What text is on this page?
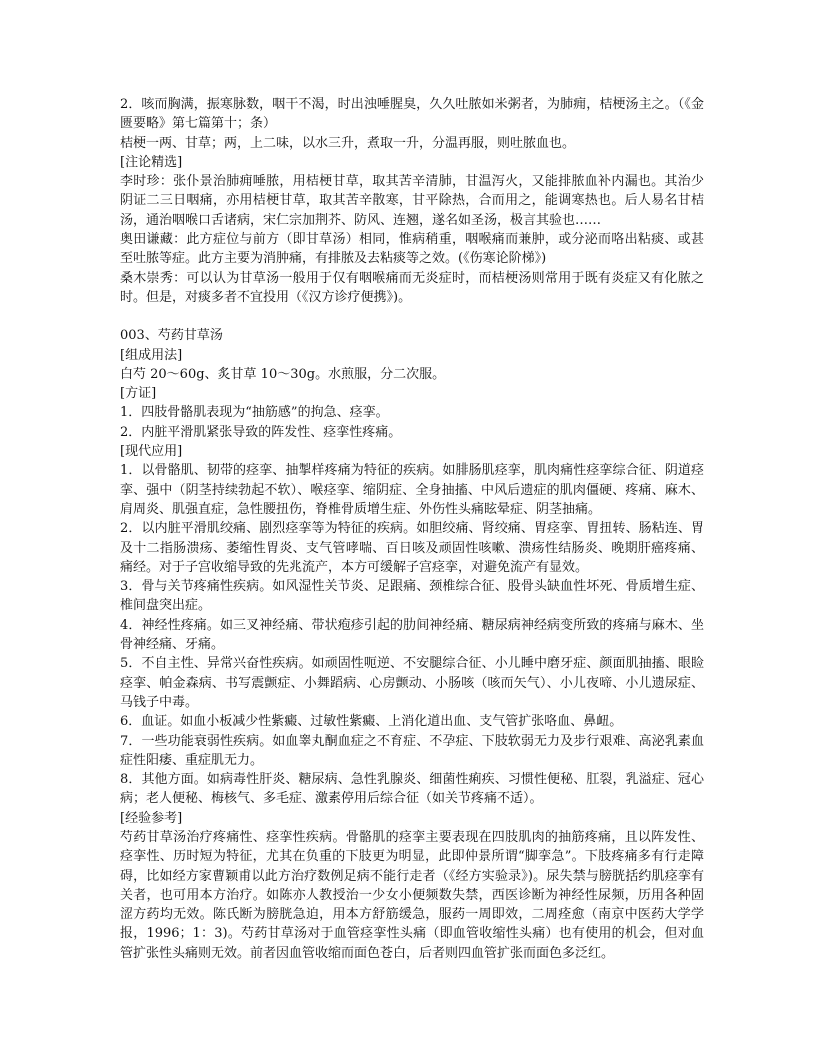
2．咳而胸满，振寒脉数，咽干不渴，时出浊唾腥臭，久久吐脓如米粥者，为肺痈，桔梗汤主之。（《金匮要略》第七篇第十；条）
桔梗一两、甘草；两，上二味，以水三升，煮取一升，分温再服，则吐脓血也。
[注论精选]
李时珍：张仆景治肺痈唾脓，用桔梗甘草，取其苦辛清肺，甘温泻火，又能排脓血补内漏也。其治少阴证二三日咽痛，亦用桔梗甘草，取其苦辛散寒，甘平除热，合而用之，能调寒热也。后人易名甘桔汤，通治咽喉口舌诸病，宋仁宗加荆芥、防风、连翘，遂名如圣汤，极言其验也……
奥田谦藏：此方症位与前方（即甘草汤）相同，惟病稍重，咽喉痛而兼肿，或分泌而咯出粘痰、或甚至吐脓等症。此方主要为消肿痛，有排脓及去粘痰等之效。(《伤寒论阶梯》)
桑木崇秀：可以认为甘草汤一般用于仅有咽喉痛而无炎症时，而桔梗汤则常用于既有炎症又有化脓之时。但是，对痰多者不宜投用（《汉方诊疗便携》)。
003、芍药甘草汤
[组成用法]
白芍 20～60g、炙甘草 10～30g。水煎服，分二次服。
[方证]
1．四肢骨骼肌表现为“抽筋感”的拘急、痉挛。
2．内脏平滑肌紧张导致的阵发性、痉挛性疼痛。
[现代应用]
1．以骨骼肌、韧带的痉挛、抽掣样疼痛为特征的疾病。如腓肠肌痉挛，肌肉痛性痉挛综合征、阴道痉挛、强中（阴茎持续勃起不软）、喉痉挛、缩阴症、全身抽搐、中风后遗症的肌肉僵硬、疼痛、麻木、肩周炎、肌强直症，急性腰扭伤，脊椎骨质增生症、外伤性头痛眩晕症、阴茎抽痛。
2．以内脏平滑肌绞痛、剧烈痉挛等为特征的疾病。如胆绞痛、肾绞痛、胃痉挛、胃扭转、肠粘连、胃及十二指肠溃疡、萎缩性胃炎、支气管哮喘、百日咳及顽固性咳嗽、溃疡性结肠炎、晚期肝癌疼痛、痛经。对于子宫收缩导致的先兆流产，本方可缓解子宫痉挛，对避免流产有显效。
3．骨与关节疼痛性疾病。如风湿性关节炎、足跟痛、颈椎综合征、股骨头缺血性坏死、骨质增生症、椎间盘突出症。
4．神经性疼痛。如三叉神经痛、带状疱疹引起的肋间神经痛、糖尿病神经病变所致的疼痛与麻木、坐骨神经痛、牙痛。
5．不自主性、异常兴奋性疾病。如顽固性呃逆、不安腿综合征、小儿睡中磨牙症、颜面肌抽搐、眼睑痉挛、帕金森病、书写震颤症、小舞蹈病、心房颤动、小肠咳（咳而矢气）、小儿夜啼、小儿遗尿症、马钱子中毒。
6．血证。如血小板减少性紫癜、过敏性紫癜、上消化道出血、支气管扩张咯血、鼻衄。
7．一些功能衰弱性疾病。如血睾丸酮血症之不育症、不孕症、下肢软弱无力及步行艰难、高泌乳素血症性阳痿、重症肌无力。
8．其他方面。如病毒性肝炎、糖尿病、急性乳腺炎、细菌性痢疾、习惯性便秘、肛裂，乳溢症、冠心病；老人便秘、梅核气、多毛症、激素停用后综合征（如关节疼痛不适）。
[经验参考]
芍药甘草汤治疗疼痛性、痉挛性疾病。骨骼肌的痉挛主要表现在四肢肌肉的抽筋疼痛，且以阵发性、痉挛性、历时短为特征，尤其在负重的下肢更为明显，此即仲景所谓“脚挛急”。下肢疼痛多有行走障碍，比如经方家曹颖甫以此方治疗数例足病不能行走者（《经方实验录》)。尿失禁与膀胱括约肌痉挛有关者，也可用本方治疗。如陈亦人教授治一少女小便频数失禁，西医诊断为神经性尿频，历用各种固涩方药均无效。陈氏断为膀胱急迫，用本方舒筋缓急，服药一周即效，二周痊愈（南京中医药大学学报，1996；1：3)。芍药甘草汤对于血管痉挛性头痛（即血管收缩性头痛）也有使用的机会，但对血管扩张性头痛则无效。前者因血管收缩而面色苍白，后者则四血管扩张而面色多泛红。
